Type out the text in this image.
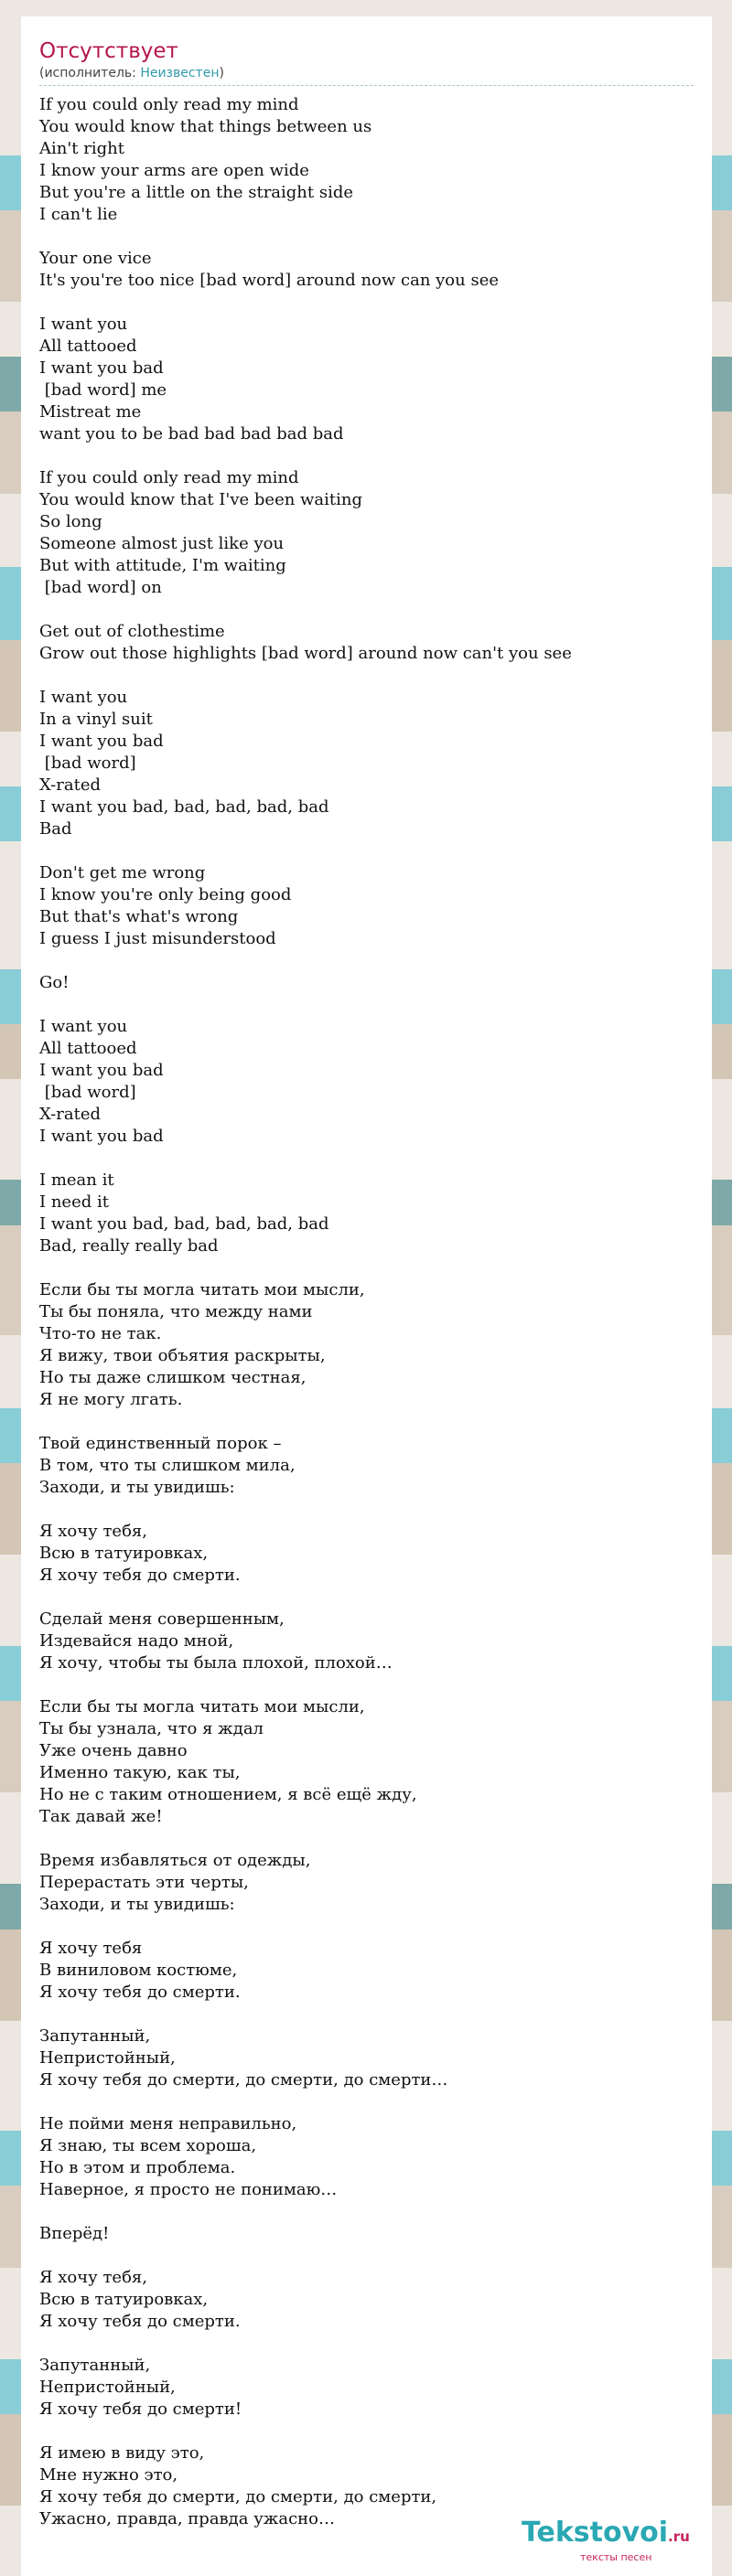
Отсутствует
(исполнитель: Неизвестен)
If you could only read my mind
You would know that things between us
Ain't right
I know your arms are open wide
But you're a little on the straight side
I can't lie
Your one vice
It's you're too nice [bad word] around now can you see
I want you
All tattooed
I want you bad
[bad word] me
Mistreat me
want you to be bad bad bad bad bad
If you could only read my mind
You would know that I've been waiting
So long
Someone almost just like you
But with attitude, I'm waiting
[bad word] on
Get out of clothestime
Grow out those highlights [bad word] around now can't you see
I want you
In a vinyl suit
I want you bad
[bad word]
X-rated
I want you bad, bad, bad, bad, bad
Bad
Don't get me wrong
I know you're only being good
But that's what's wrong
I guess I just misunderstood
Go!
I want you
All tattooed
I want you bad
[bad word]
X-rated
I want you bad
I mean it
I need it
I want you bad, bad, bad, bad, bad
Bad, really really bad
Если бы ты могла читать мои мысли,
Ты бы поняла, что между нами
Что-то не так.
Я вижу, твои объятия раскрыты,
Но ты даже слишком честная,
Я не могу лгать.
Твой единственный порок –
В том, что ты слишком мила,
Заходи, и ты увидишь:
Я хочу тебя,
Всю в татуировках,
Я хочу тебя до смерти.
Сделай меня совершенным,
Издевайся надо мной,
Я хочу, чтобы ты была плохой, плохой…
Если бы ты могла читать мои мысли,
Ты бы узнала, что я ждал
Уже очень давно
Именно такую, как ты,
Но не с таким отношением, я всё ещё жду,
Так давай же!
Время избавляться от одежды,
Перерастать эти черты,
Заходи, и ты увидишь:
Я хочу тебя
В виниловом костюме,
Я хочу тебя до смерти.
Запутанный,
Непристойный,
Я хочу тебя до смерти, до смерти, до смерти…
Не пойми меня неправильно,
Я знаю, ты всем хороша,
Но в этом и проблема.
Наверное, я просто не понимаю…
Вперёд!
Я хочу тебя,
Всю в татуировках,
Я хочу тебя до смерти.
Запутанный,
Непристойный,
Я хочу тебя до смерти!
Я имею в виду это,
Мне нужно это,
Я хочу тебя до смерти, до смерти, до смерти,
Ужасно, правда, правда ужасно…	Tekstovoi.ru
тексты песен
